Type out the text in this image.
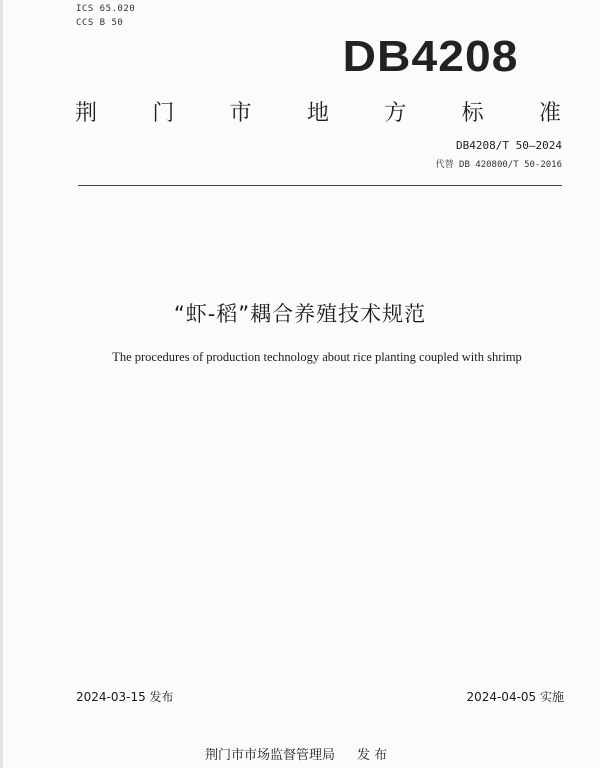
ICS 65.020
CCS B 50
DB4208
荆	门	市	地	方	标	准
DB4208/T 50—2024
代替 DB 420800/T 50-2016
“虾-稻”耦合养殖技术规范
The procedures of production technology about rice planting coupled with shrimp
2024-03-15 发布	2024-04-05 实施
荆门市市场监督管理局 发 布
